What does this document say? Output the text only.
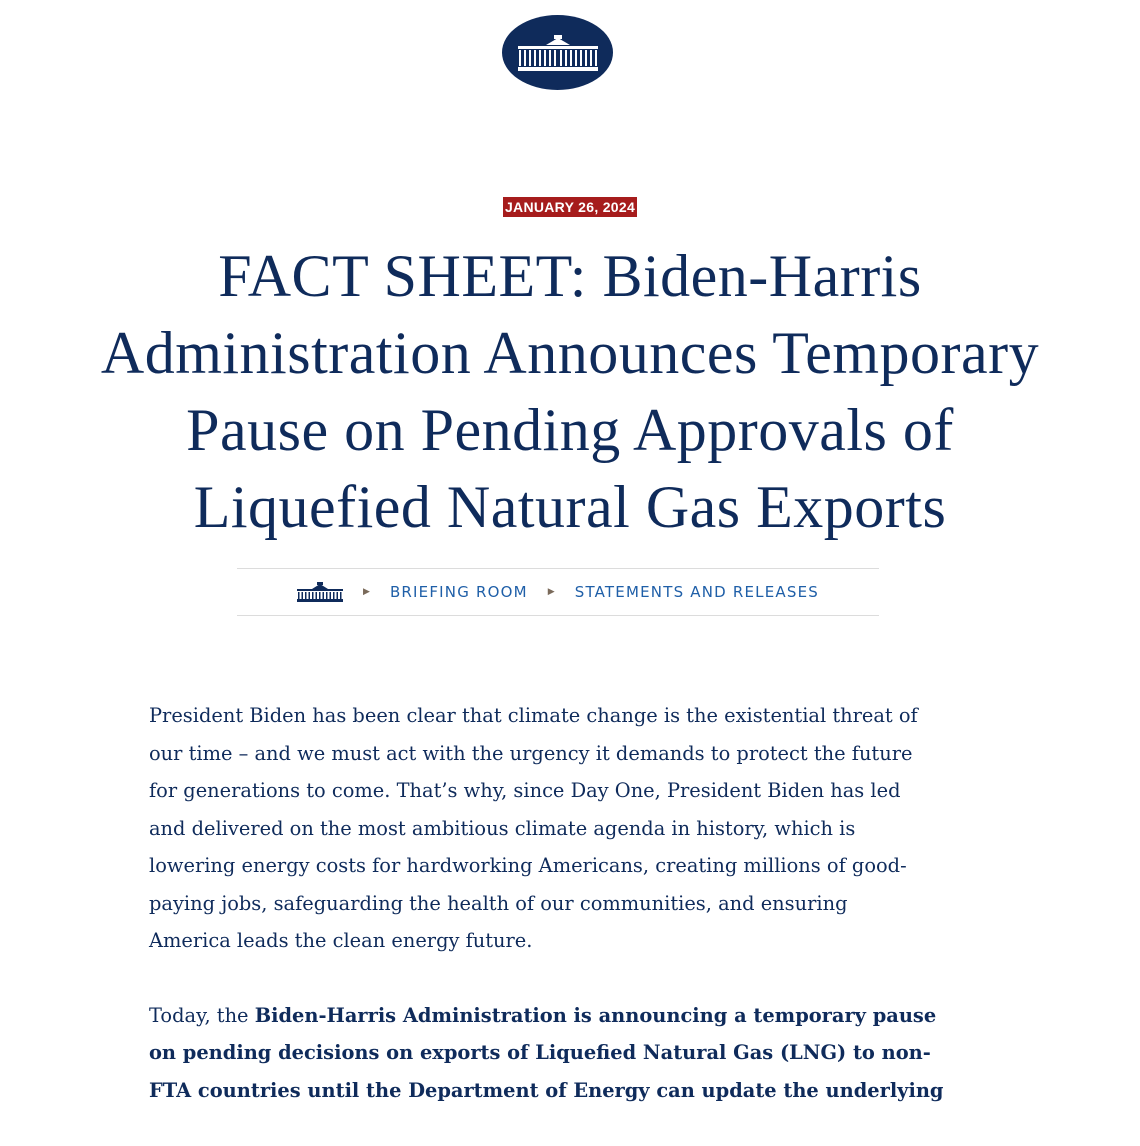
JANUARY 26, 2024
FACT SHEET: Biden-Harris
Administration Announces Temporary
Pause on Pending Approvals of
Liquefied Natural Gas Exports
▶ BRIEFING ROOM ▶ STATEMENTS AND RELEASES

President Biden has been clear that climate change is the existential threat of
our time – and we must act with the urgency it demands to protect the future
for generations to come. That’s why, since Day One, President Biden has led
and delivered on the most ambitious climate agenda in history, which is
lowering energy costs for hardworking Americans, creating millions of good-
paying jobs, safeguarding the health of our communities, and ensuring
America leads the clean energy future.

Today, the Biden-Harris Administration is announcing a temporary pause
on pending decisions on exports of Liquefied Natural Gas (LNG) to non-
FTA countries until the Department of Energy can update the underlying
